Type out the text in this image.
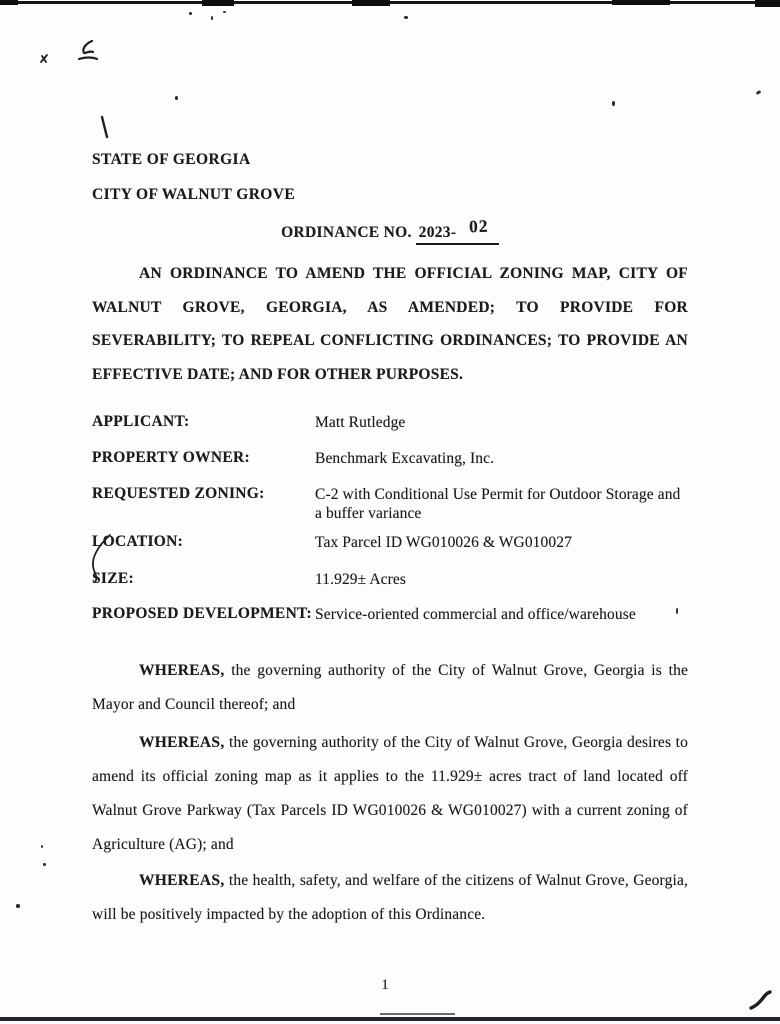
STATE OF GEORGIA
CITY OF WALNUT GROVE
ORDINANCE NO. 2023- 02
AN ORDINANCE TO AMEND THE OFFICIAL ZONING MAP, CITY OF WALNUT GROVE, GEORGIA, AS AMENDED; TO PROVIDE FOR SEVERABILITY; TO REPEAL CONFLICTING ORDINANCES; TO PROVIDE AN EFFECTIVE DATE; AND FOR OTHER PURPOSES.
APPLICANT:	Matt Rutledge
PROPERTY OWNER:	Benchmark Excavating, Inc.
REQUESTED ZONING:	C-2 with Conditional Use Permit for Outdoor Storage and a buffer variance
LOCATION:	Tax Parcel ID WG010026 & WG010027
SIZE:	11.929± Acres
PROPOSED DEVELOPMENT: Service-oriented commercial and office/warehouse
WHEREAS, the governing authority of the City of Walnut Grove, Georgia is the Mayor and Council thereof; and
WHEREAS, the governing authority of the City of Walnut Grove, Georgia desires to amend its official zoning map as it applies to the 11.929± acres tract of land located off Walnut Grove Parkway (Tax Parcels ID WG010026 & WG010027) with a current zoning of Agriculture (AG); and
WHEREAS, the health, safety, and welfare of the citizens of Walnut Grove, Georgia, will be positively impacted by the adoption of this Ordinance.
1
